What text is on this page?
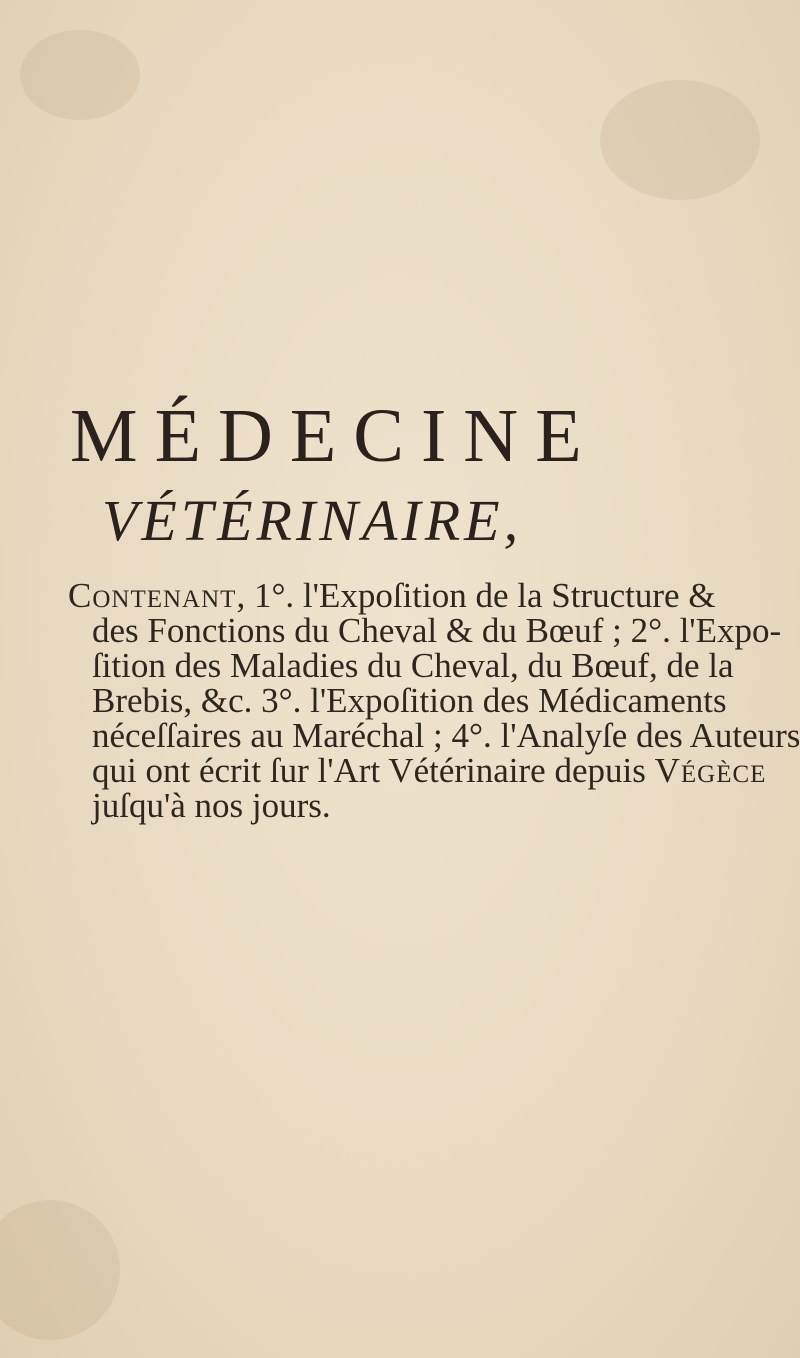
MÉDECINE
VÉTÉRINAIRE,
Contenant, 1°. l'Expoſition de la Structure &
des Fonctions du Cheval & du Bœuf ; 2°. l'Expo-
ſition des Maladies du Cheval, du Bœuf, de la
Brebis, &c. 3°. l'Expoſition des Médicaments
néceſſaires au Maréchal ; 4°. l'Analyſe des Auteurs
qui ont écrit ſur l'Art Vétérinaire depuis Végèce
juſqu'à nos jours.
